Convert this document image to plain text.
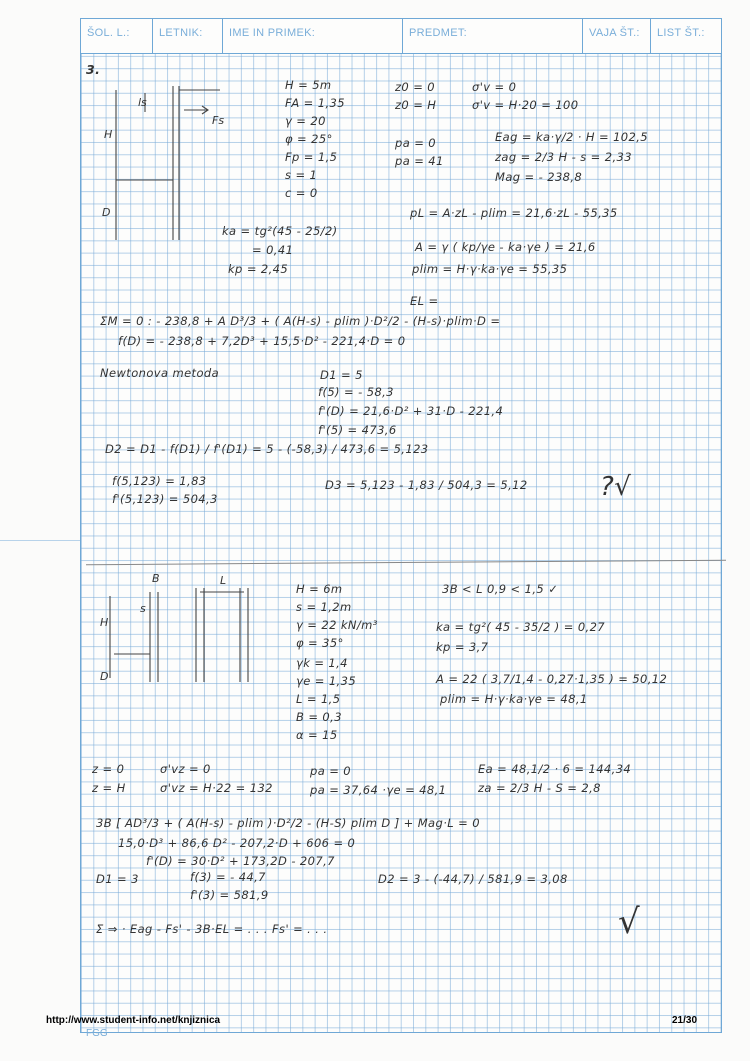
ŠOL. L.:	LETNIK:	IME IN PRIMEK:	PREDMET:	VAJA ŠT.:	LIST ŠT.:
3.
ls
Fs
H
D
H = 5m
FA = 1,35
γ = 20
φ = 25°
Fp = 1,5
s = 1
c = 0
z0 = 0
z0 = H
σ'v = 0
σ'v = H·20 = 100
pa = 0
pa = 41
Eag = ka·γ/2 · H = 102,5
zag = 2/3 H - s = 2,33
Mag = - 238,8
ka = tg²(45 - 25/2)
= 0,41
kp = 2,45
pL = A·zL - plim = 21,6·zL - 55,35
A = γ ( kp/γe - ka·γe ) = 21,6
plim = H·γ·ka·γe = 55,35
EL =
ΣM = 0 : - 238,8 + A D³/3 + ( A(H-s) - plim )·D²/2 - (H-s)·plim·D =
f(D) = - 238,8 + 7,2D³ + 15,5·D² - 221,4·D = 0
Newtonova metoda	D1 = 5
f(5) = - 58,3
f'(D) = 21,6·D² + 31·D - 221,4
f'(5) = 473,6
D2 = D1 - f(D1) / f'(D1) = 5 - (-58,3) / 473,6 = 5,123
f(5,123) = 1,83
f'(5,123) = 504,3
D3 = 5,123 - 1,83 / 504,3 = 5,12	?√
B	L
s
H
D
H = 6m
s = 1,2m
γ = 22 kN/m³
φ = 35°
γk = 1,4
γe = 1,35
L = 1,5
B = 0,3
α = 15
3B < L 0,9 < 1,5 ✓
ka = tg²( 45 - 35/2 ) = 0,27
kp = 3,7
A = 22 ( 3,7/1,4 - 0,27·1,35 ) = 50,12
plim = H·γ·ka·γe = 48,1
z = 0
z = H
σ'vz = 0
σ'vz = H·22 = 132
pa = 0
pa = 37,64 ·γe = 48,1
Ea = 48,1/2 · 6 = 144,34
za = 2/3 H - S = 2,8
3B [ AD³/3 + ( A(H-s) - plim )·D²/2 - (H-S) plim D ] + Mag·L = 0
15,0·D³ + 86,6 D² - 207,2·D + 606 = 0
f'(D) = 30·D² + 173,2D - 207,7
D1 = 3	f(3) = - 44,7
f'(3) = 581,9
D2 = 3 - (-44,7) / 581,9 = 3,08
Σ ⇒ · Eag - Fs' - 3B·EL = . . . Fs' = . . .	√
http://www.student-info.net/knjiznica	21/30
FGG
